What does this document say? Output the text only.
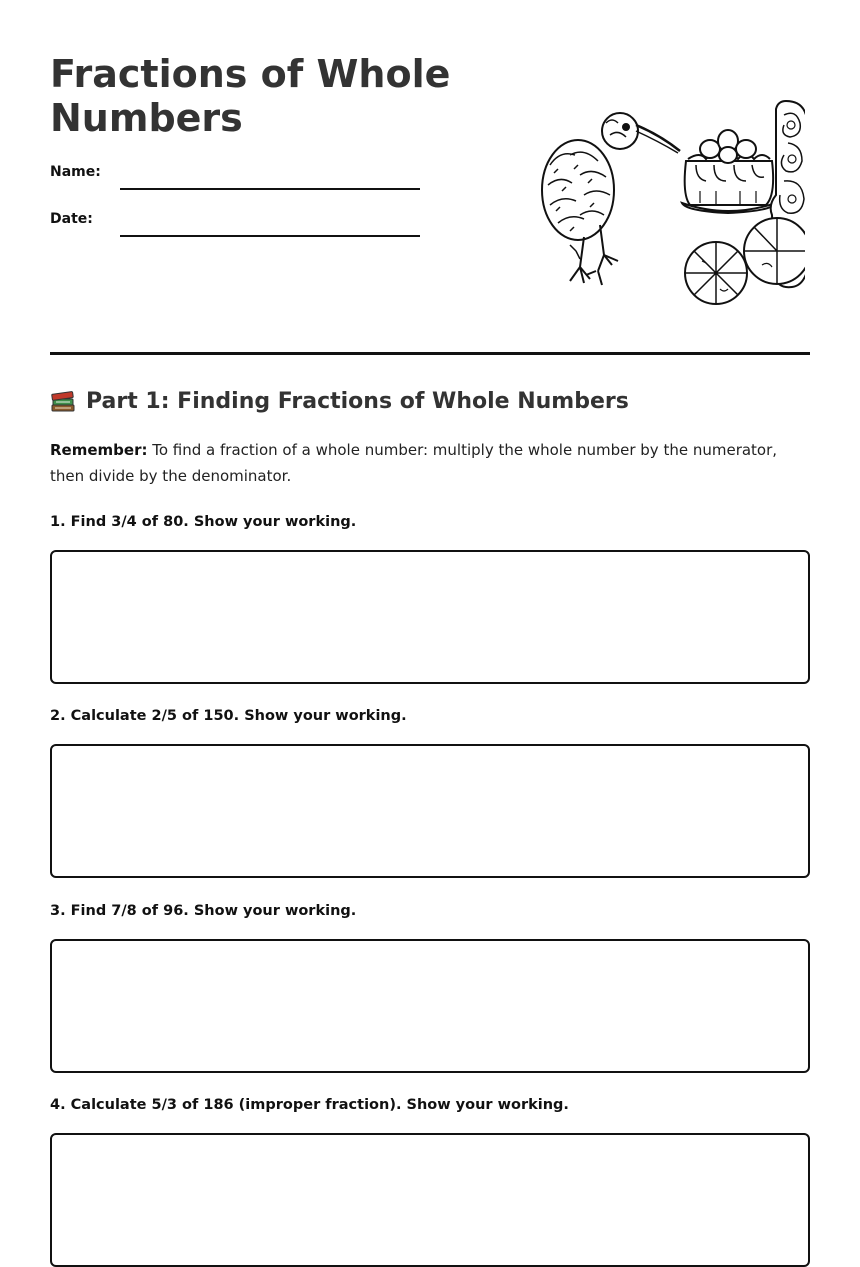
Fractions of Whole Numbers
Name:
Date:
Part 1: Finding Fractions of Whole Numbers

Remember: To find a fraction of a whole number: multiply the whole number by the numerator, then divide by the denominator.

1. Find 3/4 of 80. Show your working.

2. Calculate 2/5 of 150. Show your working.

3. Find 7/8 of 96. Show your working.

4. Calculate 5/3 of 186 (improper fraction). Show your working.
